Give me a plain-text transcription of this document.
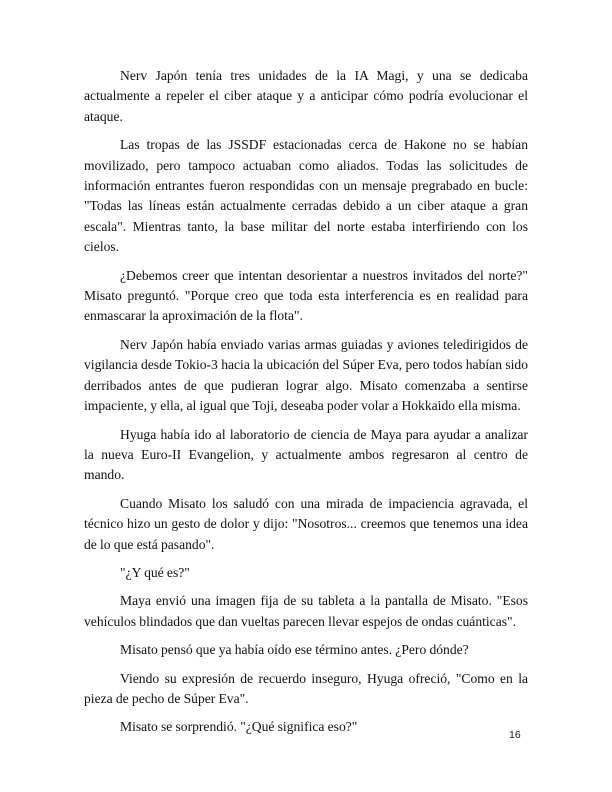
Nerv Japón tenía tres unidades de la IA Magi, y una se dedicaba actualmente a repeler el ciber ataque y a anticipar cómo podría evolucionar el ataque.

Las tropas de las JSSDF estacionadas cerca de Hakone no se habían movilizado, pero tampoco actuaban como aliados. Todas las solicitudes de información entrantes fueron respondidas con un mensaje pregrabado en bucle: "Todas las líneas están actualmente cerradas debido a un ciber ataque a gran escala". Mientras tanto, la base militar del norte estaba interfiriendo con los cielos.

¿Debemos creer que intentan desorientar a nuestros invitados del norte?" Misato preguntó. "Porque creo que toda esta interferencia es en realidad para enmascarar la aproximación de la flota".

Nerv Japón había enviado varias armas guiadas y aviones teledirigidos de vigilancia desde Tokio-3 hacia la ubicación del Súper Eva, pero todos habían sido derribados antes de que pudieran lograr algo. Misato comenzaba a sentirse impaciente, y ella, al igual que Toji, deseaba poder volar a Hokkaido ella misma.

Hyuga había ido al laboratorio de ciencia de Maya para ayudar a analizar la nueva Euro-II Evangelion, y actualmente ambos regresaron al centro de mando.

Cuando Misato los saludó con una mirada de impaciencia agravada, el técnico hizo un gesto de dolor y dijo: "Nosotros... creemos que tenemos una idea de lo que está pasando".

"¿Y qué es?"

Maya envió una imagen fija de su tableta a la pantalla de Misato. "Esos vehículos blindados que dan vueltas parecen llevar espejos de ondas cuánticas".

Misato pensó que ya había oído ese término antes. ¿Pero dónde?

Viendo su expresión de recuerdo inseguro, Hyuga ofreció, "Como en la pieza de pecho de Súper Eva".

Misato se sorprendió. "¿Qué significa eso?"

16
